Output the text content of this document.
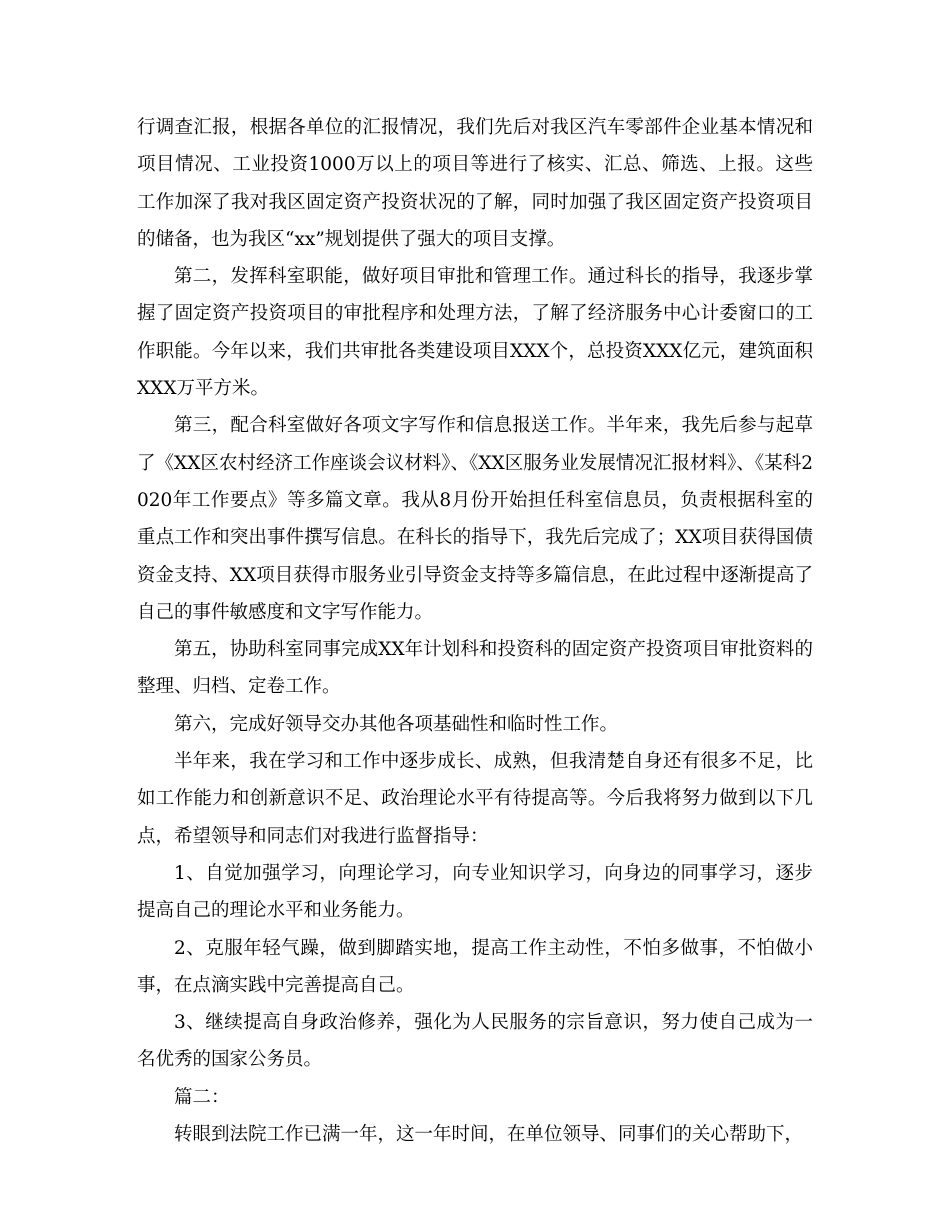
行调查汇报，根据各单位的汇报情况，我们先后对我区汽车零部件企业基本情况和项目情况、工业投资1000万以上的项目等进行了核实、汇总、筛选、上报。这些工作加深了我对我区固定资产投资状况的了解，同时加强了我区固定资产投资项目的储备，也为我区“xx”规划提供了强大的项目支撑。

第二，发挥科室职能，做好项目审批和管理工作。通过科长的指导，我逐步掌握了固定资产投资项目的审批程序和处理方法，了解了经济服务中心计委窗口的工作职能。今年以来，我们共审批各类建设项目XXX个，总投资XXX亿元，建筑面积XXX万平方米。

第三，配合科室做好各项文字写作和信息报送工作。半年来，我先后参与起草了《XX区农村经济工作座谈会议材料》、《XX区服务业发展情况汇报材料》、《某科2020年工作要点》等多篇文章。我从8月份开始担任科室信息员，负责根据科室的重点工作和突出事件撰写信息。在科长的指导下，我先后完成了；XX项目获得国债资金支持、XX项目获得市服务业引导资金支持等多篇信息，在此过程中逐渐提高了自己的事件敏感度和文字写作能力。

第五，协助科室同事完成XX年计划科和投资科的固定资产投资项目审批资料的整理、归档、定卷工作。

第六，完成好领导交办其他各项基础性和临时性工作。

半年来，我在学习和工作中逐步成长、成熟，但我清楚自身还有很多不足，比如工作能力和创新意识不足、政治理论水平有待提高等。今后我将努力做到以下几点，希望领导和同志们对我进行监督指导：

1、自觉加强学习，向理论学习，向专业知识学习，向身边的同事学习，逐步提高自己的理论水平和业务能力。

2、克服年轻气躁，做到脚踏实地，提高工作主动性，不怕多做事，不怕做小事，在点滴实践中完善提高自己。

3、继续提高自身政治修养，强化为人民服务的宗旨意识，努力使自己成为一名优秀的国家公务员。

篇二：

转眼到法院工作已满一年，这一年时间，在单位领导、同事们的关心帮助下，
